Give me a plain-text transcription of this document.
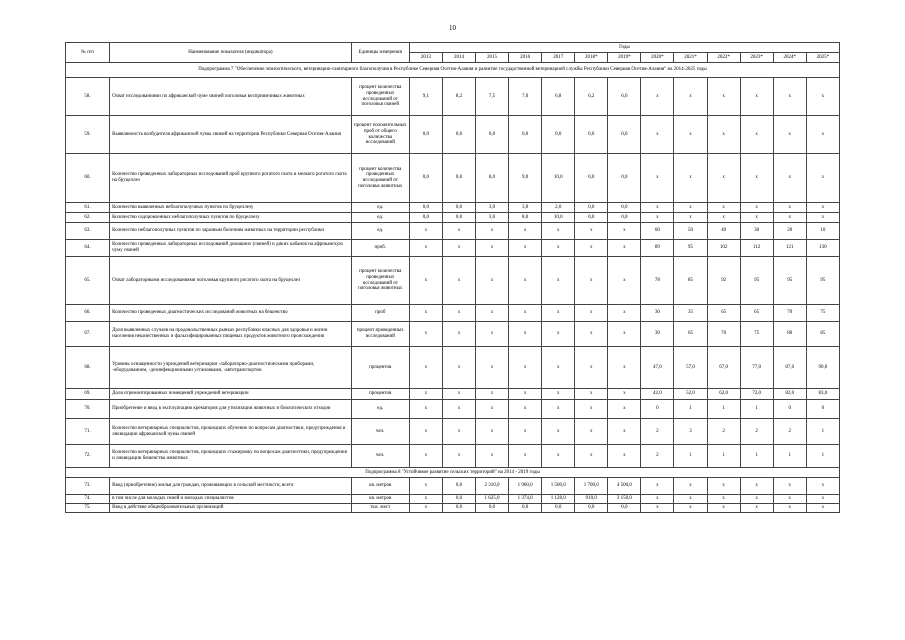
10
№ п/п	Наименование показателя (индикатора)	Единицы измерения	Годы												
			2013	2014	2015	2016	2017	2018*	2019*	2020*	2021*	2022*	2023*	2024*	2025*
Подпрограмма 7 "Обеспечение эпизоотического, ветеринарно-санитарного благополучия в Республике Северная Осетия-Алания и развитие государственной ветеринарной службы Республики Северная Осетия-Алания" на 2014-2025 годы															
58.	Охват исследованиями по африканской чуме свиней поголовья восприимчивых животных	процент количества проведенных исследований от поголовья свиней	9,1	8,2	7,5	7,0	6,8	6,2	6,0	х	х	х	х	х	х
59.	Выявляемость возбудителя африканской чумы свиней на территории Республики Северная Осетия-Алания	процент положительных проб от общего количества исследований	0,0	0,0	0,0	0,0	0,0	0,0	0,0	х	х	х	х	х	х
60.	Количество проведенных лабораторных исследований проб крупного рогатого скота и мелкого рогатого скота на бруцеллез	процент количества проведенных исследований от поголовья животных	0,0	0,0	8,0	9,0	10,0	0,0	0,0	х	х	х	х	х	х
61.	Количество выявленных неблагополучных пунктов по бруцеллезу	ед.	0,0	0,0	3,0	3,0	2,0	0,0	0,0	х	х	х	х	х	х
62.	Количество оздоровленных неблагополучных пунктов по бруцеллезу	ед.	0,0	0,0	3,0	8,0	10,0	0,0	0,0	х	х	х	х	х	х
63.	Количество неблагополучных пунктов по заразным болезням животных на территории республики	ед.	х	х	х	х	х	х	х	60	50	40	30	20	10
64.	Количество проведенных лабораторных исследований домашних (свиней) и диких кабанов на африканскую чуму свиней	проб.	х	х	х	х	х	х	х	89	95	102	112	121	130
65.	Охват лабораторными исследованиями поголовья крупного рогатого скота на бруцеллез	процент количества проведенных исследований от поголовья животных	х	х	х	х	х	х	х	78	85	92	95	95	95
66.	Количество проведенных диагностических исследований животных на бешенство	проб	х	х	х	х	х	х	х	30	35	65	65	70	75
67.	Доля выявленных случаев на продовольственных рынках республики опасных для здоровья и жизни населения некачественных и фальсифицированных пищевых продуктов животного происхождения	процент проведенных исследований	х	х	х	х	х	х	х	30	65	70	75	80	85
68.	Уровень оснащенности учреждений ветеринарии -лабораторно-диагностическими приборами, -оборудованием, -дезинфекционными установками, -автотранспортом	процентов	х	х	х	х	х	х	х	47,0	57,0	67,0	77,0	87,0	90,0
69.	Доля отремонтированных помещений учреждений ветеринарии	процентов	х	х	х	х	х	х	х	42,0	52,0	62,0	72,0	82,0	83,0
70.	Приобретение и ввод в эксплуатацию крематоров для утилизации животных и биологических отходов	ед.	х	х	х	х	х	х	х	0	1	1	1	0	0
71.	Количество ветеринарных специалистов, прошедших обучение по вопросам диагностики, предупреждения и ликвидации африканской чумы свиней	чел.	х	х	х	х	х	х	х	2	3	2	2	2	1
72.	Количество ветеринарных специалистов, прошедших стажировку по вопросам диагностики, предупреждения и ликвидации бешенства животных	чел.	х	х	х	х	х	х	х	2	1	1	1	1	1
Подпрограмма 8 "Устойчивое развитие сельских территорий" на 2014 - 2019 годы															
73.	Ввод (приобретение) жилья для граждан, проживающих в сельской местности, всего:	кв. метров	х	0,0	2 310,0	1 960,0	1 500,0	1 700,0	4 500,0	х	х	х	х	х	х
74.	в том числе для молодых семей и молодых специалистов	кв. метров	х	0,0	1 625,0	1 374,0	1 128,0	910,0	3 150,0	х	х	х	х	х	х
75.	Ввод в действие общеобразовательных организаций	тыс. мест	х	0,0	0,0	0,0	0,0	0,0	0,0	х	х	х	х	х	х
